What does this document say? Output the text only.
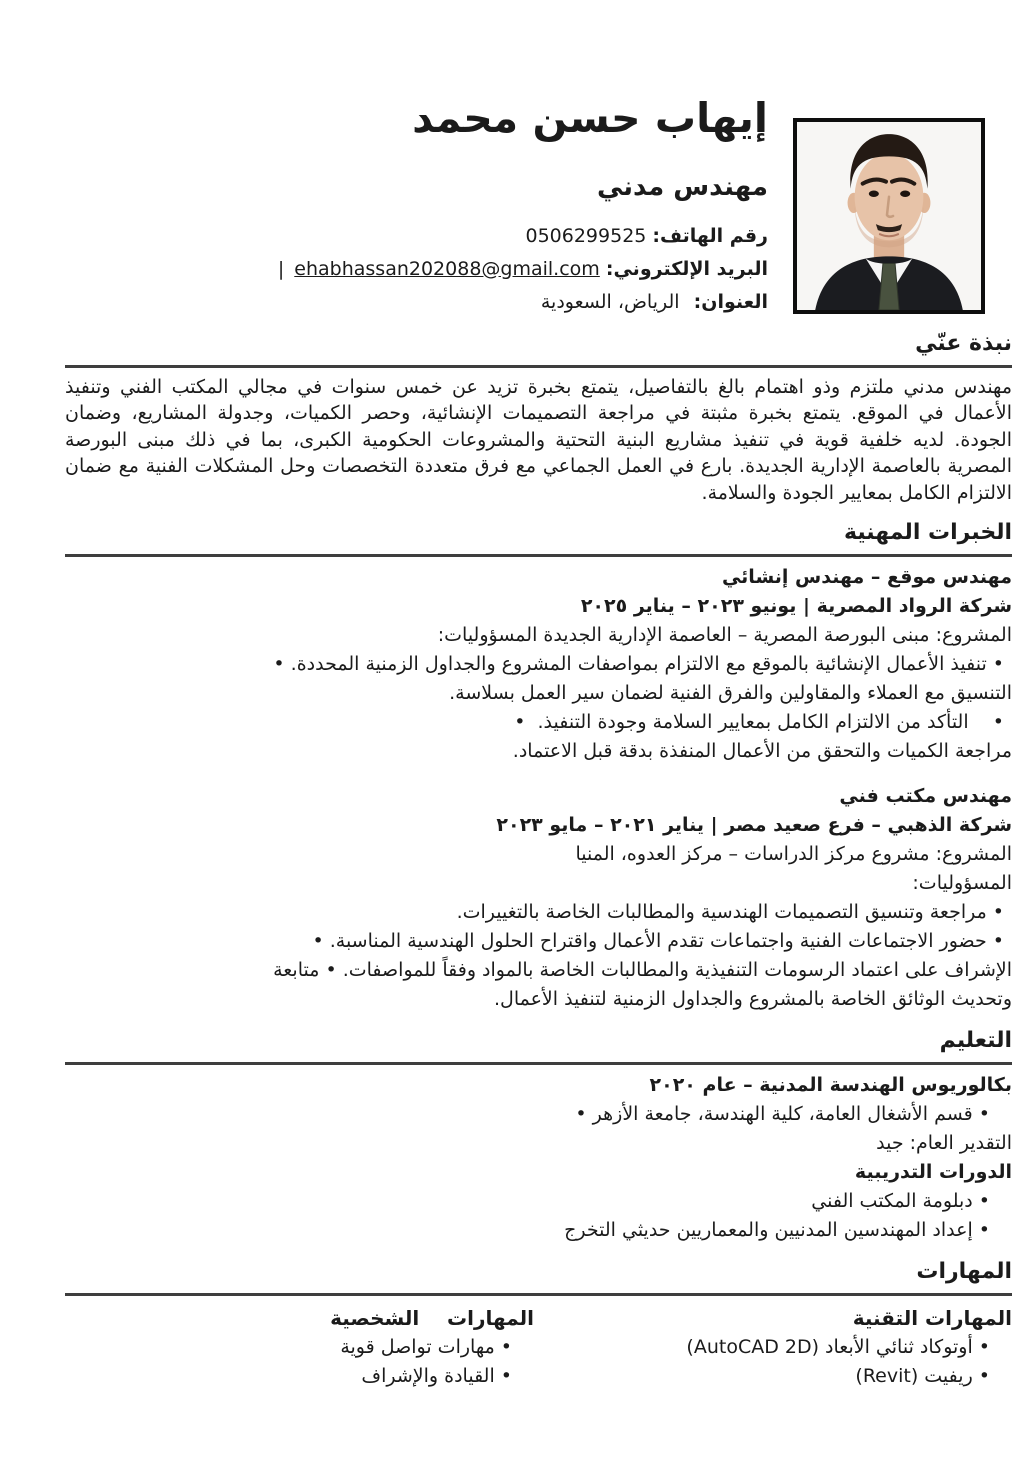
إيهاب حسن محمد
مهندس مدني
رقم الهاتف: 0506299525
البريد الإلكتروني: ehabhassan202088@gmail.com |
العنوان: الرياض، السعودية
نبذة عنّي

مهندس مدني ملتزم وذو اهتمام بالغ بالتفاصيل، يتمتع بخبرة تزيد عن خمس سنوات في مجالي المكتب الفني وتنفيذ الأعمال في الموقع. يتمتع بخبرة مثبتة في مراجعة التصميمات الإنشائية، وحصر الكميات، وجدولة المشاريع، وضمان الجودة. لديه خلفية قوية في تنفيذ مشاريع البنية التحتية والمشروعات الحكومية الكبرى، بما في ذلك مبنى البورصة المصرية بالعاصمة الإدارية الجديدة. بارع في العمل الجماعي مع فرق متعددة التخصصات وحل المشكلات الفنية مع ضمان الالتزام الكامل بمعايير الجودة والسلامة.

الخبرات المهنية
مهندس موقع – مهندس إنشائي
شركة الرواد المصرية | يونيو ٢٠٢٣ – يناير ٢٠٢٥
المشروع: مبنى البورصة المصرية – العاصمة الإدارية الجديدة المسؤوليات:
• تنفيذ الأعمال الإنشائية بالموقع مع الالتزام بمواصفات المشروع والجداول الزمنية المحددة. •
التنسيق مع العملاء والمقاولين والفرق الفنية لضمان سير العمل بسلاسة.
•    التأكد من الالتزام الكامل بمعايير السلامة وجودة التنفيذ.  •
مراجعة الكميات والتحقق من الأعمال المنفذة بدقة قبل الاعتماد.
مهندس مكتب فني
شركة الذهبي – فرع صعيد مصر | يناير ٢٠٢١ – مايو ٢٠٢٣
المشروع: مشروع مركز الدراسات – مركز العدوه، المنيا
المسؤوليات:
• مراجعة وتنسيق التصميمات الهندسية والمطالبات الخاصة بالتغييرات.
• حضور الاجتماعات الفنية واجتماعات تقدم الأعمال واقتراح الحلول الهندسية المناسبة. •
الإشراف على اعتماد الرسومات التنفيذية والمطالبات الخاصة بالمواد وفقاً للمواصفات. • متابعة
وتحديث الوثائق الخاصة بالمشروع والجداول الزمنية لتنفيذ الأعمال.
التعليم
بكالوريوس الهندسة المدنية – عام ٢٠٢٠
• قسم الأشغال العامة، كلية الهندسة، جامعة الأزهر •
التقدير العام: جيد
الدورات التدريبية
• دبلومة المكتب الفني
• إعداد المهندسين المدنيين والمعماريين حديثي التخرج
المهارات
المهارات التقنية
• أوتوكاد ثنائي الأبعاد (AutoCAD 2D)
• ريفيت (Revit)
المهارات    الشخصية
• مهارات تواصل قوية
• القيادة والإشراف
